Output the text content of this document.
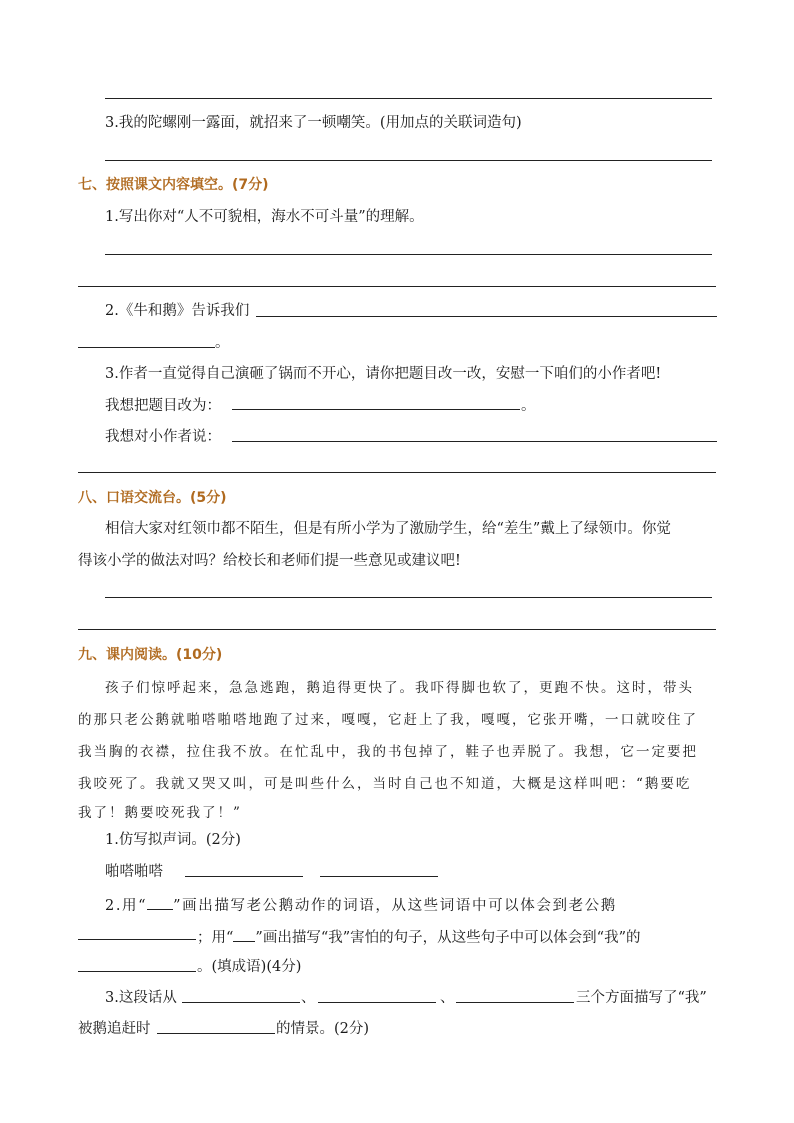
3.我的陀螺刚一露面，就招来了一顿嘲笑。(用加点的关联词造句)
七、按照课文内容填空。(7分)
1.写出你对“人不可貌相，海水不可斗量”的理解。
2.《牛和鹅》告诉我们
。
3.作者一直觉得自己演砸了锅而不开心，请你把题目改一改，安慰一下咱们的小作者吧!
我想把题目改为：	。
我想对小作者说：
八、口语交流台。(5分)
相信大家对红领巾都不陌生，但是有所小学为了激励学生，给“差生”戴上了绿领巾。你觉
得该小学的做法对吗？给校长和老师们提一些意见或建议吧!
九、课内阅读。(10分)
孩子们惊呼起来，急急逃跑，鹅追得更快了。我吓得脚也软了，更跑不快。这时，带头
的那只老公鹅就啪嗒啪嗒地跑了过来，嘎嘎，它赶上了我，嘎嘎，它张开嘴，一口就咬住了
我当胸的衣襟，拉住我不放。在忙乱中，我的书包掉了，鞋子也弄脱了。我想，它一定要把
我咬死了。我就又哭又叫，可是叫些什么，当时自己也不知道，大概是这样叫吧：“鹅要吃
我了！鹅要咬死我了！”
1.仿写拟声词。(2分)
啪嗒啪嗒
2.用“ ”画出描写老公鹅动作的词语，从这些词语中可以体会到老公鹅
；用“ ”画出描写“我”害怕的句子，从这些句子中可以体会到“我”的
。(填成语)(4分)
3.这段话从	、	、	三个方面描写了“我”
被鹅追赶时	的情景。(2分)
